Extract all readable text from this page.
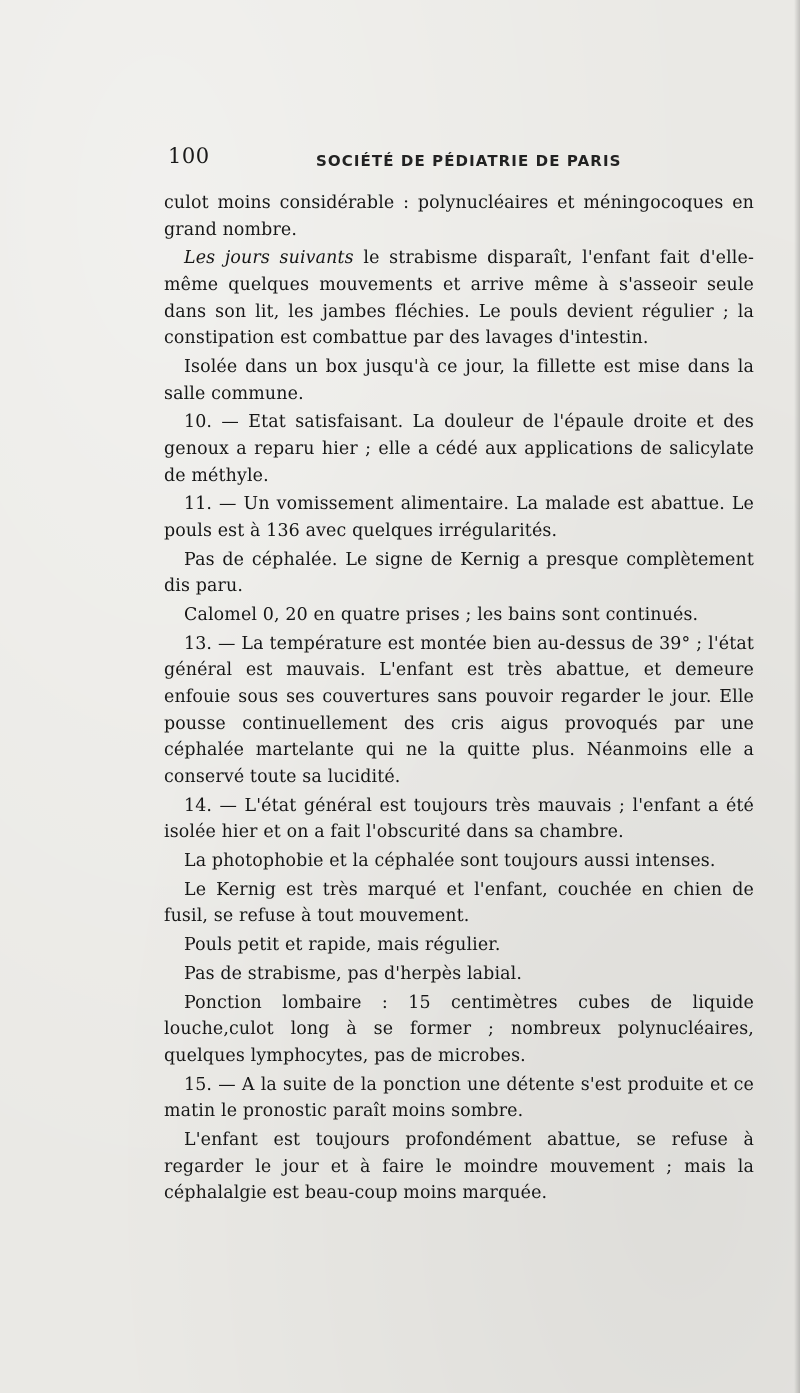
100	SOCIÉTÉ DE PÉDIATRIE DE PARIS

culot moins considérable : polynucléaires et méningocoques en grand nombre.

Les jours suivants le strabisme disparaît, l'enfant fait d'elle-même quelques mouvements et arrive même à s'asseoir seule dans son lit, les jambes fléchies. Le pouls devient régulier ; la constipation est combattue par des lavages d'intestin.

Isolée dans un box jusqu'à ce jour, la fillette est mise dans la salle commune.

10. — Etat satisfaisant. La douleur de l'épaule droite et des genoux a reparu hier ; elle a cédé aux applications de salicylate de méthyle.

11. — Un vomissement alimentaire. La malade est abattue. Le pouls est à 136 avec quelques irrégularités.

Pas de céphalée. Le signe de Kernig a presque complètement dis paru.

Calomel 0, 20 en quatre prises ; les bains sont continués.

13. — La température est montée bien au-dessus de 39° ; l'état général est mauvais. L'enfant est très abattue, et demeure enfouie sous ses couvertures sans pouvoir regarder le jour. Elle pousse continuellement des cris aigus provoqués par une céphalée martelante qui ne la quitte plus. Néanmoins elle a conservé toute sa lucidité.

14. — L'état général est toujours très mauvais ; l'enfant a été isolée hier et on a fait l'obscurité dans sa chambre.

La photophobie et la céphalée sont toujours aussi intenses.

Le Kernig est très marqué et l'enfant, couchée en chien de fusil, se refuse à tout mouvement.

Pouls petit et rapide, mais régulier.

Pas de strabisme, pas d'herpès labial.

Ponction lombaire : 15 centimètres cubes de liquide louche,culot long à se former ; nombreux polynucléaires, quelques lymphocytes, pas de microbes.

15. — A la suite de la ponction une détente s'est produite et ce matin le pronostic paraît moins sombre.

L'enfant est toujours profondément abattue, se refuse à regarder le jour et à faire le moindre mouvement ; mais la céphalalgie est beau-coup moins marquée.
